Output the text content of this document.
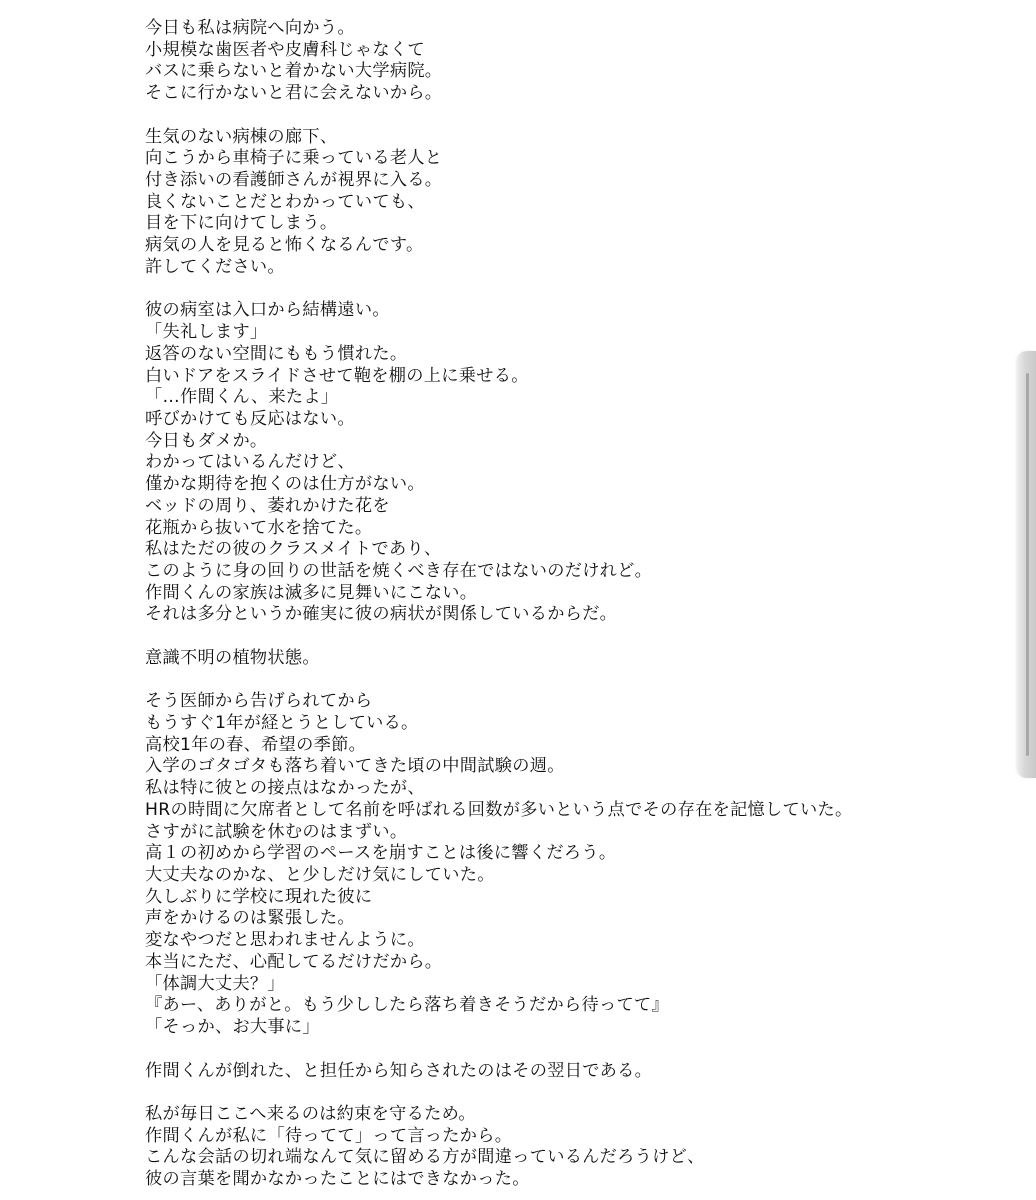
今日も私は病院へ向かう。
小規模な歯医者や皮膚科じゃなくて
バスに乗らないと着かない大学病院。
そこに行かないと君に会えないから。
生気のない病棟の廊下、
向こうから車椅子に乗っている老人と
付き添いの看護師さんが視界に入る。
良くないことだとわかっていても、
目を下に向けてしまう。
病気の人を見ると怖くなるんです。
許してください。
彼の病室は入口から結構遠い。
「失礼します」
返答のない空間にももう慣れた。
白いドアをスライドさせて鞄を棚の上に乗せる。
「…作間くん、来たよ」
呼びかけても反応はない。
今日もダメか。
わかってはいるんだけど、
僅かな期待を抱くのは仕方がない。
ベッドの周り、萎れかけた花を
花瓶から抜いて水を捨てた。
私はただの彼のクラスメイトであり、
このように身の回りの世話を焼くべき存在ではないのだけれど。
作間くんの家族は滅多に見舞いにこない。
それは多分というか確実に彼の病状が関係しているからだ。
意識不明の植物状態。
そう医師から告げられてから
もうすぐ1年が経とうとしている。
高校1年の春、希望の季節。
入学のゴタゴタも落ち着いてきた頃の中間試験の週。
私は特に彼との接点はなかったが、
HRの時間に欠席者として名前を呼ばれる回数が多いという点でその存在を記憶していた。
さすがに試験を休むのはまずい。
高１の初めから学習のペースを崩すことは後に響くだろう。
大丈夫なのかな、と少しだけ気にしていた。
久しぶりに学校に現れた彼に
声をかけるのは緊張した。
変なやつだと思われませんように。
本当にただ、心配してるだけだから。
「体調大丈夫？」
『あー、ありがと。もう少ししたら落ち着きそうだから待ってて』
「そっか、お大事に」
作間くんが倒れた、と担任から知らされたのはその翌日である。
私が毎日ここへ来るのは約束を守るため。
作間くんが私に「待ってて」って言ったから。
こんな会話の切れ端なんて気に留める方が間違っているんだろうけど、
彼の言葉を聞かなかったことにはできなかった。
